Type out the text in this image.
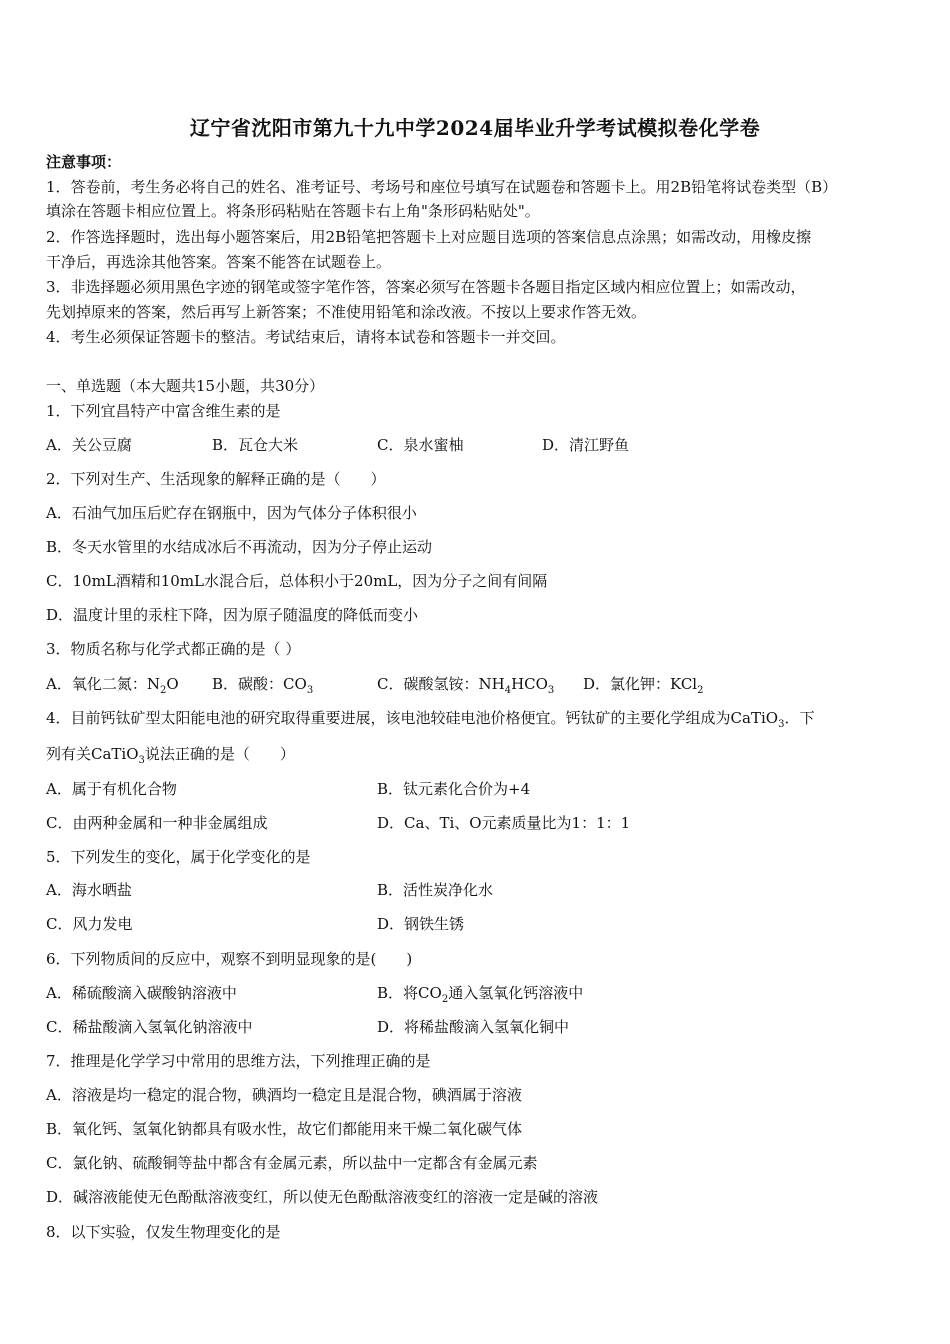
辽宁省沈阳市第九十九中学2024届毕业升学考试模拟卷化学卷
注意事项：
1．答卷前，考生务必将自己的姓名、准考证号、考场号和座位号填写在试题卷和答题卡上。用2B铅笔将试卷类型（B）
填涂在答题卡相应位置上。将条形码粘贴在答题卡右上角"条形码粘贴处"。
2．作答选择题时，选出每小题答案后，用2B铅笔把答题卡上对应题目选项的答案信息点涂黑；如需改动，用橡皮擦
干净后，再选涂其他答案。答案不能答在试题卷上。
3．非选择题必须用黑色字迹的钢笔或签字笔作答，答案必须写在答题卡各题目指定区域内相应位置上；如需改动，
先划掉原来的答案，然后再写上新答案；不准使用铅笔和涂改液。不按以上要求作答无效。
4．考生必须保证答题卡的整洁。考试结束后，请将本试卷和答题卡一并交回。
一、单选题（本大题共15小题，共30分）
1．下列宜昌特产中富含维生素的是
A．关公豆腐	B．瓦仓大米	C．泉水蜜柚	D．清江野鱼
2．下列对生产、生活现象的解释正确的是（　　）
A．石油气加压后贮存在钢瓶中，因为气体分子体积很小
B．冬天水管里的水结成冰后不再流动，因为分子停止运动
C．10mL酒精和10mL水混合后，总体积小于20mL，因为分子之间有间隔
D．温度计里的汞柱下降，因为原子随温度的降低而变小
3．物质名称与化学式都正确的是（ ）
A．氧化二氮：$N_2O$ B．碳酸：$CO_3$	C．碳酸氢铵：$NH_4HCO_3$ D．氯化钾：KCl$_2$
4．目前钙钛矿型太阳能电池的研究取得重要进展，该电池较硅电池价格便宜。钙钛矿的主要化学组成为CaTiO$_3$．下
列有关CaTiO$_3$说法正确的是（　　）
A．属于有机化合物	B．钛元素化合价为+4
C．由两种金属和一种非金属组成	D．Ca、Ti、O元素质量比为1：1：1
5．下列发生的变化，属于化学变化的是
A．海水晒盐	B．活性炭净化水
C．风力发电	D．钢铁生锈
6．下列物质间的反应中，观察不到明显现象的是(　　)
A．稀硫酸滴入碳酸钠溶液中	B．将$CO_2$通入氢氧化钙溶液中
C．稀盐酸滴入氢氧化钠溶液中	D．将稀盐酸滴入氢氧化铜中
7．推理是化学学习中常用的思维方法，下列推理正确的是
A．溶液是均一稳定的混合物，碘酒均一稳定且是混合物，碘酒属于溶液
B．氧化钙、氢氧化钠都具有吸水性，故它们都能用来干燥二氧化碳气体
C．氯化钠、硫酸铜等盐中都含有金属元素，所以盐中一定都含有金属元素
D．碱溶液能使无色酚酞溶液变红，所以使无色酚酞溶液变红的溶液一定是碱的溶液
8．以下实验，仅发生物理变化的是
